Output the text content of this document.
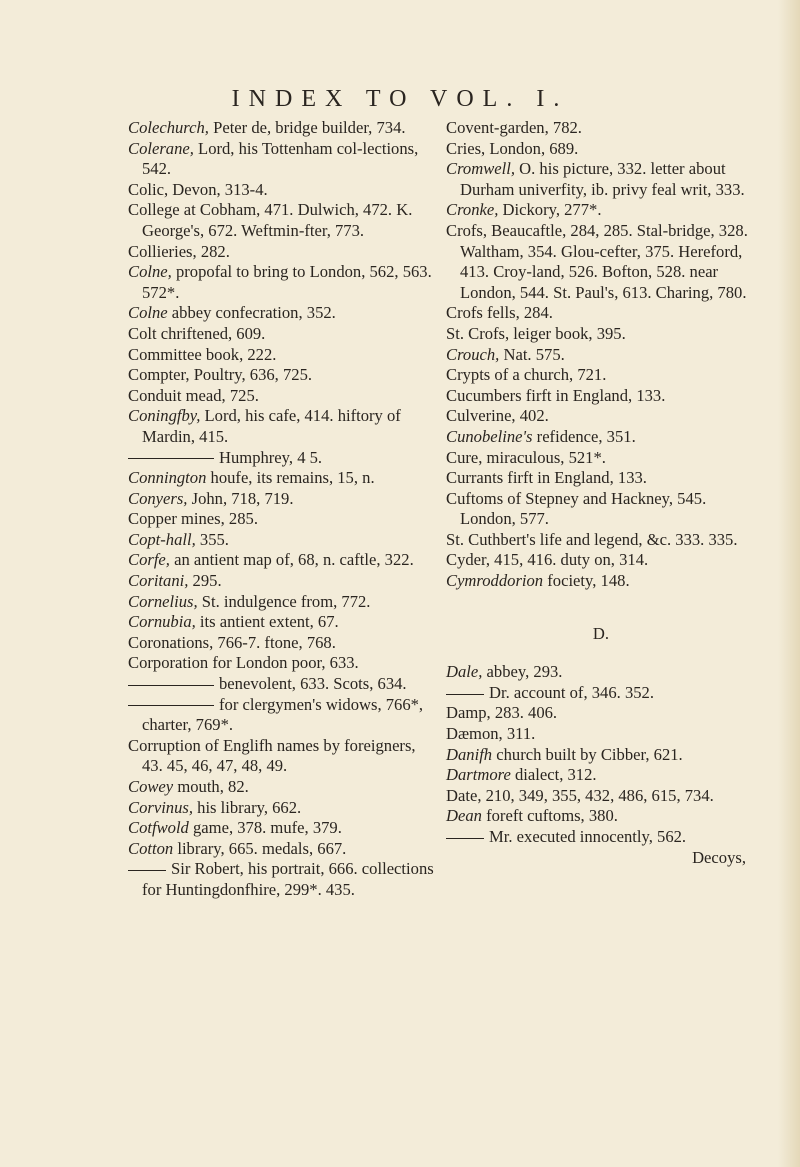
INDEX TO VOL. I.

Colechurch, Peter de, bridge builder, 734.

Colerane, Lord, his Tottenham col-lections, 542.

Colic, Devon, 313-4.

College at Cobham, 471. Dulwich, 472. K. George's, 672. Weftmin-fter, 773.

Collieries, 282.

Colne, propofal to bring to London, 562, 563. 572*.

Colne abbey confecration, 352.

Colt chriftened, 609.

Committee book, 222.

Compter, Poultry, 636, 725.

Conduit mead, 725.

Coningfby, Lord, his cafe, 414. hiftory of Mardin, 415.

Humphrey, 4 5.

Connington houfe, its remains, 15, n.

Conyers, John, 718, 719.

Copper mines, 285.

Copt-hall, 355.

Corfe, an antient map of, 68, n. caftle, 322.

Coritani, 295.

Cornelius, St. indulgence from, 772.

Cornubia, its antient extent, 67.

Coronations, 766-7. ftone, 768.

Corporation for London poor, 633.

benevolent, 633. Scots, 634.

for clergymen's widows, 766*, charter, 769*.

Corruption of Englifh names by foreigners, 43. 45, 46, 47, 48, 49.

Cowey mouth, 82.

Corvinus, his library, 662.

Cotfwold game, 378. mufe, 379.

Cotton library, 665. medals, 667.

Sir Robert, his portrait, 666. collections for Huntingdonfhire, 299*. 435.

Covent-garden, 782.

Cries, London, 689.

Cromwell, O. his picture, 332. letter about Durham univerfity, ib. privy feal writ, 333.

Cronke, Dickory, 277*.

Crofs, Beaucaftle, 284, 285. Stal-bridge, 328. Waltham, 354. Glou-cefter, 375. Hereford, 413. Croy-land, 526. Bofton, 528. near London, 544. St. Paul's, 613. Charing, 780.

Crofs fells, 284.

St. Crofs, leiger book, 395.

Crouch, Nat. 575.

Crypts of a church, 721.

Cucumbers firft in England, 133.

Culverine, 402.

Cunobeline's refidence, 351.

Cure, miraculous, 521*.

Currants firft in England, 133.

Cuftoms of Stepney and Hackney, 545. London, 577.

St. Cuthbert's life and legend, &c. 333. 335.

Cyder, 415, 416. duty on, 314.

Cymroddorion fociety, 148.

D.

Dale, abbey, 293.

Dr. account of, 346. 352.

Damp, 283. 406.

Dæmon, 311.

Danifh church built by Cibber, 621.

Dartmore dialect, 312.

Date, 210, 349, 355, 432, 486, 615, 734.

Dean foreft cuftoms, 380.

Mr. executed innocently, 562.

Decoys,
